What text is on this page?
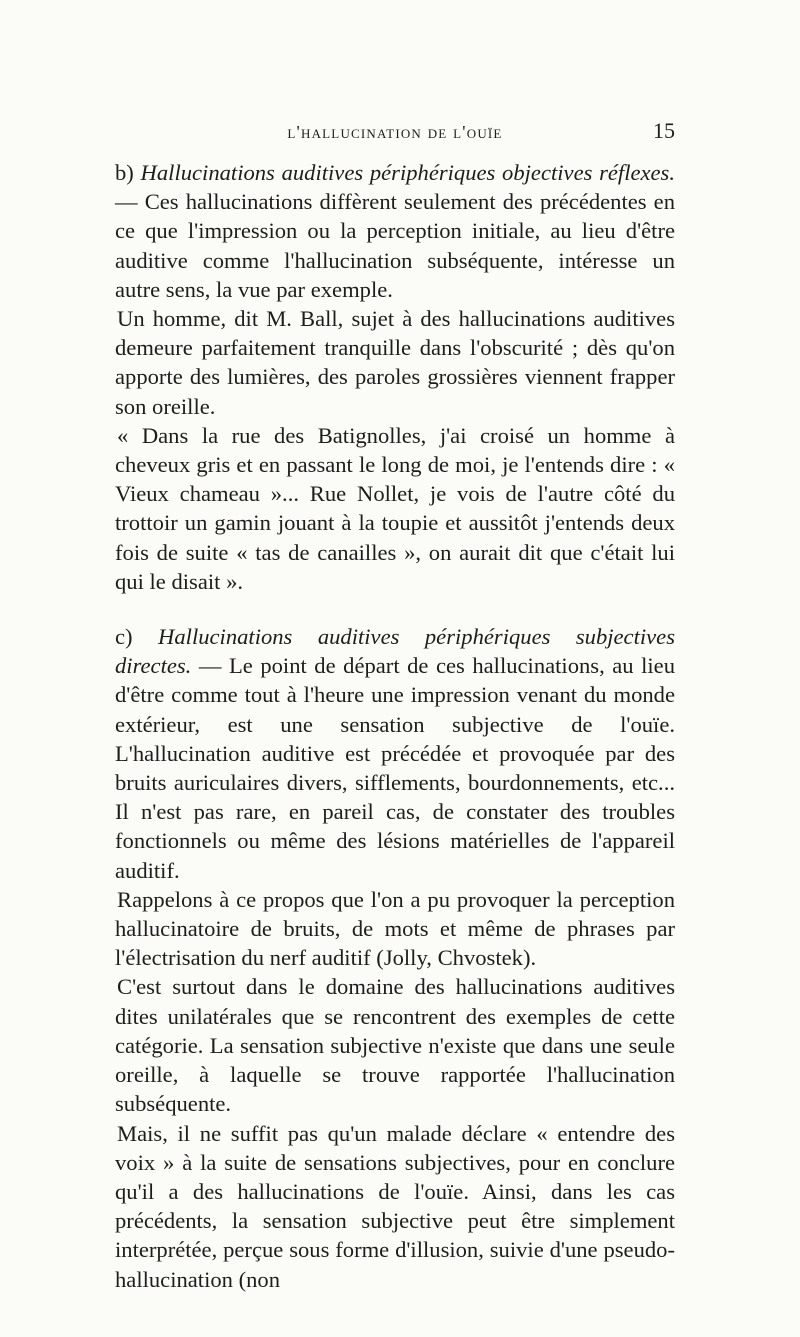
l'hallucination de l'ouïe	15

b) Hallucinations auditives périphériques objectives réflexes. — Ces hallucinations diffèrent seulement des précédentes en ce que l'impression ou la perception initiale, au lieu d'être auditive comme l'hallucination subséquente, intéresse un autre sens, la vue par exemple.

Un homme, dit M. Ball, sujet à des hallucinations auditives demeure parfaitement tranquille dans l'obscurité ; dès qu'on apporte des lumières, des paroles grossières viennent frapper son oreille.

« Dans la rue des Batignolles, j'ai croisé un homme à cheveux gris et en passant le long de moi, je l'entends dire : « Vieux chameau »... Rue Nollet, je vois de l'autre côté du trottoir un gamin jouant à la toupie et aussitôt j'entends deux fois de suite « tas de canailles », on aurait dit que c'était lui qui le disait ».

c) Hallucinations auditives périphériques subjectives directes. — Le point de départ de ces hallucinations, au lieu d'être comme tout à l'heure une impression venant du monde extérieur, est une sensation subjective de l'ouïe. L'hallucination auditive est précédée et provoquée par des bruits auriculaires divers, sifflements, bourdonnements, etc... Il n'est pas rare, en pareil cas, de constater des troubles fonctionnels ou même des lésions matérielles de l'appareil auditif.

Rappelons à ce propos que l'on a pu provoquer la perception hallucinatoire de bruits, de mots et même de phrases par l'électrisation du nerf auditif (Jolly, Chvostek).

C'est surtout dans le domaine des hallucinations auditives dites unilatérales que se rencontrent des exemples de cette catégorie. La sensation subjective n'existe que dans une seule oreille, à laquelle se trouve rapportée l'hallucination subséquente.

Mais, il ne suffit pas qu'un malade déclare « entendre des voix » à la suite de sensations subjectives, pour en conclure qu'il a des hallucinations de l'ouïe. Ainsi, dans les cas précédents, la sensation subjective peut être simplement interprétée, perçue sous forme d'illusion, suivie d'une pseudo-hallucination (non
